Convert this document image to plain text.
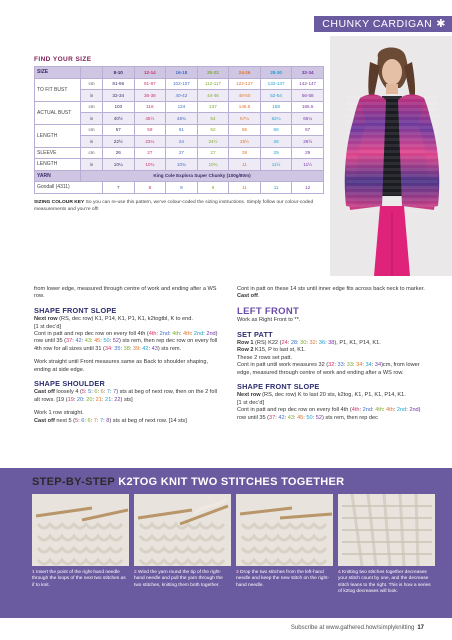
CHUNKY CARDIGAN ✱
FIND YOUR SIZE
SIZE		8-10	12-14	16-18	20-22	24-26	28-30	32-34
TO FIT BUST	cm	81-86	91-97	102-107	112-117	122-127	132-137	142-147
	in	32-34	36-38	40-42	44-46	48-50	52-54	56-58
ACTUAL BUST	cm	103	116	124	137	145.5	158	165.5
	in	40½	45½	48¾	54	57¼	62¼	65¼
LENGTH	cm	57	59	61	62	65	66	67
	in	22½	23¼	24	24½	25½	26	26½
SLEEVE	cm	26	27	27	27	28	29	29
LENGTH	in	10¼	10¾	10¾	10¾	11	11½	11½
YARN	King Cole Explora Super Chunky (100g/80m)							
Goodall (4311)		7	8	9	9	11	11	12
SIZING COLOUR KEY So you can re-use this pattern, we’ve colour-coded the sizing instructions. Simply follow our colour-coded measurements and you’re off!

from lower edge, measured through centre of work and ending after a WS row.

SHAPE FRONT SLOPE

Next row (RS, dec row) K1, P14, K1, P1, K1, k2togtbl, K to end.
[1 st dec’d]
Cont in patt and rep dec row on every foll 4th (4th: 2nd: 4th: 4th: 2nd: 2nd) row until 35 (37: 42: 43: 45: 50: 52) sts rem, then rep dec row on every foll 4th row for all sizes until 31 (34: 35: 38: 39: 42: 43) sts rem.

Work straight until Front measures same as Back to shoulder shaping, ending at side edge.

SHAPE SHOULDER

Cast off loosely 4 (5: 5: 6: 6: 7: 7) sts at beg of next row, then on the 2 foll alt rows. [19 (19: 20: 20: 21: 21: 22) sts]

Work 1 row straight.
Cast off next 5 (5: 6: 6: 7: 7: 8) sts at beg of next row. [14 sts]

Cont in patt on these 14 sts until inner edge fits across back neck to marker.
Cast off.

LEFT FRONT

Work as Right Front to **.

SET PATT

Row 1 (RS) K22 (24: 28: 30: 32: 36: 38), P1, K1, P14, K1.
Row 2 K15, P to last st, K1.
These 2 rows set patt.
Cont in patt until work measures 32 (32: 33: 33: 34: 34: 34)cm, from lower edge, measured through centre of work and ending after a WS row.

SHAPE FRONT SLOPE

Next row (RS, dec row) K to last 20 sts, k2tog, K1, P1, K1, P14, K1.
[1 st dec’d]
Cont in patt and rep dec row on every foll 4th (4th: 2nd: 4th: 4th: 2nd: 2nd) row until 35 (37: 42: 43: 45: 50: 52) sts rem, then rep dec

STEP-BY-STEP K2TOG KNIT TWO STITCHES TOGETHER
1 Insert the point of the right-hand needle through the loops of the next two stitches as if to knit.
2 Wind the yarn round the tip of the right-hand needle and pull the yarn through the two stitches, knitting them both together.
3 Drop the two stitches from the left-hand needle and keep the new stitch on the right-hand needle.
4 Knitting two stitches together decreases your stitch count by one, and the decrease stitch leans to the right. This is how a series of k2tog decreases will look.
Subscribe at www.gathered.how/simplyknitting 17
